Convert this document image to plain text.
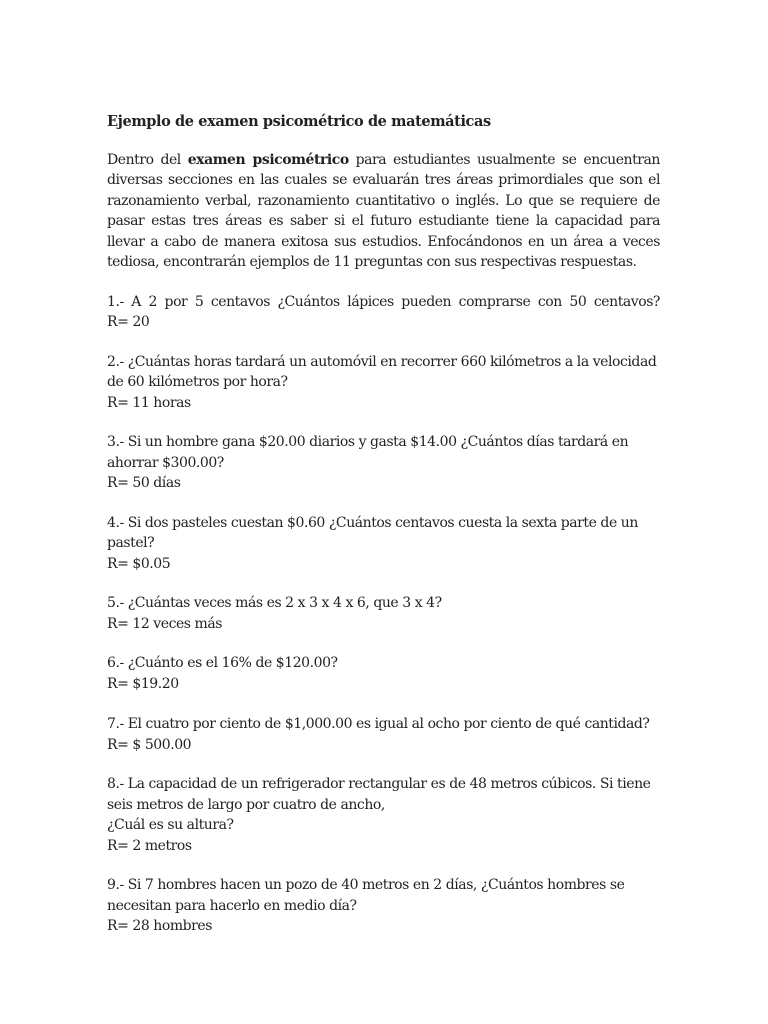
Ejemplo de examen psicométrico de matemáticas

Dentro del examen psicométrico para estudiantes usualmente se encuentran diversas secciones en las cuales se evaluarán tres áreas primordiales que son el razonamiento verbal, razonamiento cuantitativo o inglés. Lo que se requiere de pasar estas tres áreas es saber si el futuro estudiante tiene la capacidad para llevar a cabo de manera exitosa sus estudios. Enfocándonos en un área a veces tediosa, encontrarán ejemplos de 11 preguntas con sus respectivas respuestas.

1.- A 2 por 5 centavos ¿Cuántos lápices pueden comprarse con 50 centavos?

R= 20

2.- ¿Cuántas horas tardará un automóvil en recorrer 660 kilómetros a la velocidad de 60 kilómetros por hora?

R= 11 horas

3.- Si un hombre gana $20.00 diarios y gasta $14.00 ¿Cuántos días tardará en ahorrar $300.00?

R= 50 días

4.- Si dos pasteles cuestan $0.60 ¿Cuántos centavos cuesta la sexta parte de un pastel?

R= $0.05

5.- ¿Cuántas veces más es 2 x 3 x 4 x 6, que 3 x 4?

R= 12 veces más

6.- ¿Cuánto es el 16% de $120.00?

R= $19.20

7.- El cuatro por ciento de $1,000.00 es igual al ocho por ciento de qué cantidad?

R= $ 500.00

8.- La capacidad de un refrigerador rectangular es de 48 metros cúbicos. Si tiene seis metros de largo por cuatro de ancho,

¿Cuál es su altura?

R= 2 metros

9.- Si 7 hombres hacen un pozo de 40 metros en 2 días, ¿Cuántos hombres se necesitan para hacerlo en medio día?

R= 28 hombres
